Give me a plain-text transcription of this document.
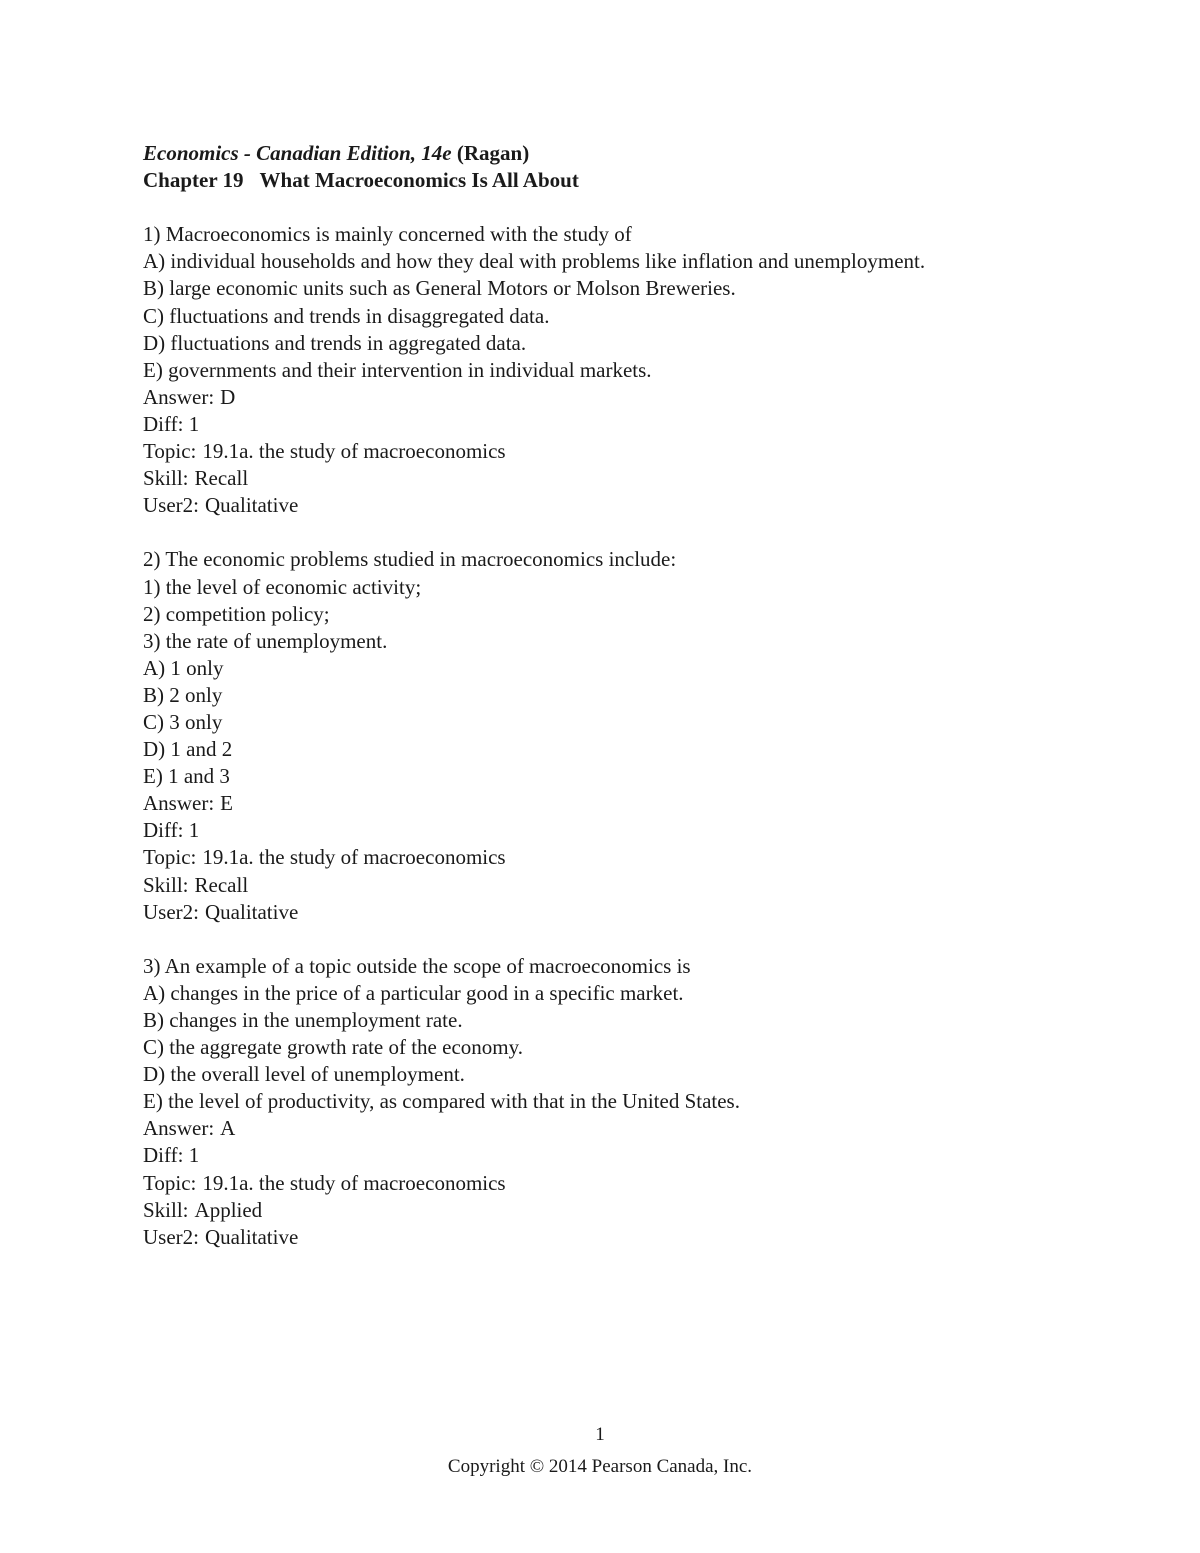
Economics - Canadian Edition, 14e (Ragan)
Chapter 19 What Macroeconomics Is All About
1) Macroeconomics is mainly concerned with the study of
A) individual households and how they deal with problems like inflation and unemployment.
B) large economic units such as General Motors or Molson Breweries.
C) fluctuations and trends in disaggregated data.
D) fluctuations and trends in aggregated data.
E) governments and their intervention in individual markets.
Answer: D
Diff: 1
Topic: 19.1a. the study of macroeconomics
Skill: Recall
User2: Qualitative
2) The economic problems studied in macroeconomics include:
1) the level of economic activity;
2) competition policy;
3) the rate of unemployment.
A) 1 only
B) 2 only
C) 3 only
D) 1 and 2
E) 1 and 3
Answer: E
Diff: 1
Topic: 19.1a. the study of macroeconomics
Skill: Recall
User2: Qualitative
3) An example of a topic outside the scope of macroeconomics is
A) changes in the price of a particular good in a specific market.
B) changes in the unemployment rate.
C) the aggregate growth rate of the economy.
D) the overall level of unemployment.
E) the level of productivity, as compared with that in the United States.
Answer: A
Diff: 1
Topic: 19.1a. the study of macroeconomics
Skill: Applied
User2: Qualitative
1
Copyright © 2014 Pearson Canada, Inc.
